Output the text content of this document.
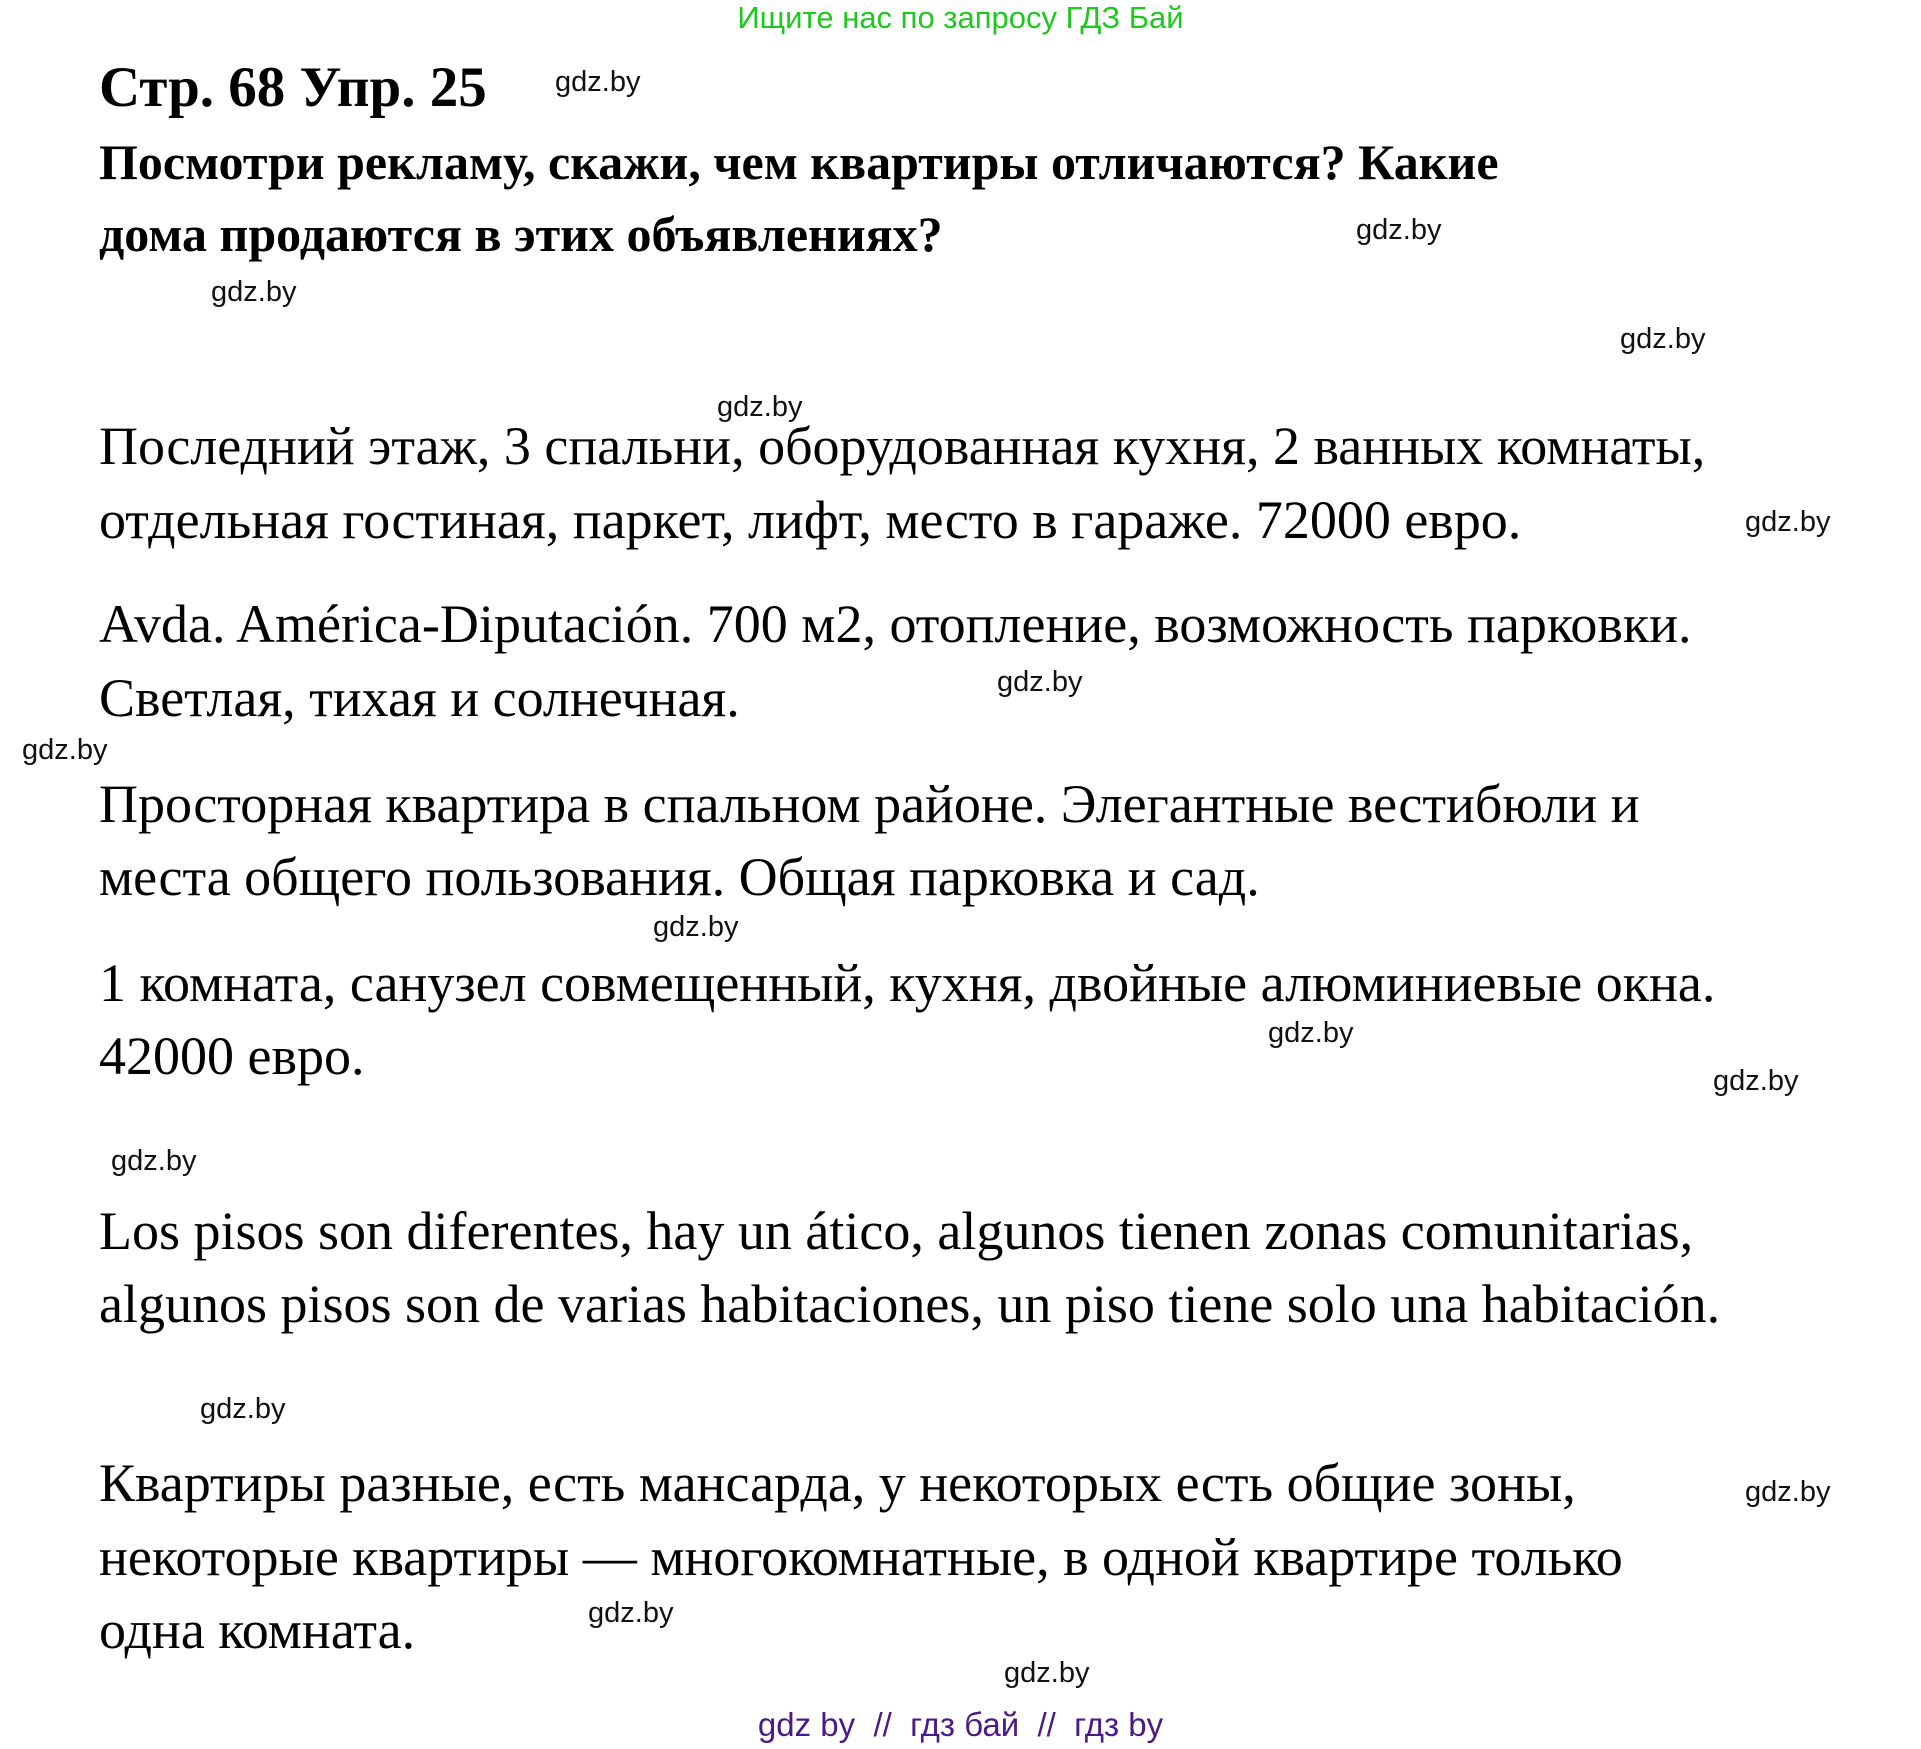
Ищите нас по запросу ГДЗ Бай
Стр. 68 Упр. 25 gdz.by
Посмотри рекламу, скажи, чем квартиры отличаются? Какие
дома продаются в этих объявлениях?	gdz.by
gdz.by
gdz.by
gdz.by
Последний этаж, 3 спальни, оборудованная кухня, 2 ванных комнаты,
отдельная гостиная, паркет, лифт, место в гараже. 72000 евро.	gdz.by
Avda. América-Diputación. 700 м2, отопление, возможность парковки.
gdz.by
Светлая, тихая и солнечная.
gdz.by
Просторная квартира в спальном районе. Элегантные вестибюли и
места общего пользования. Общая парковка и сад.
gdz.by
1 комната, санузел совмещенный, кухня, двойные алюминиевые окна.
gdz.by
42000 евро.	gdz.by
gdz.by
Los pisos son diferentes, hay un ático, algunos tienen zonas comunitarias,
algunos pisos son de varias habitaciones, un piso tiene solo una habitación.
gdz.by
Квартиры разные, есть мансарда, у некоторых есть общие зоны,	gdz.by
некоторые квартиры — многокомнатные, в одной квартире только
gdz.by
одна комната.
gdz.by
gdz by  //  гдз бай  //  гдз by
